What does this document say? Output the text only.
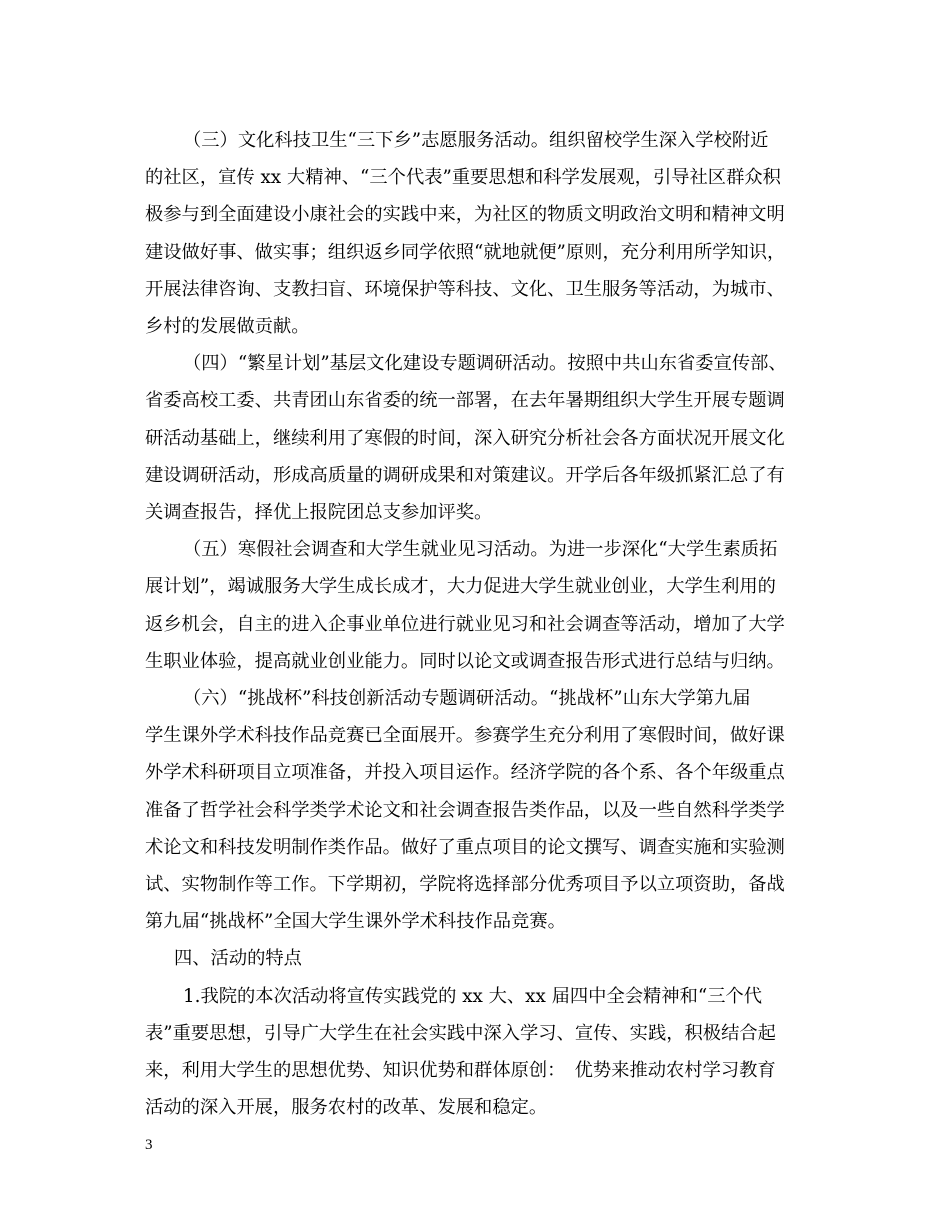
（三）文化科技卫生“三下乡”志愿服务活动。组织留校学生深入学校附近
的社区，宣传 xx 大精神、“三个代表”重要思想和科学发展观，引导社区群众积
极参与到全面建设小康社会的实践中来，为社区的物质文明政治文明和精神文明
建设做好事、做实事；组织返乡同学依照“就地就便”原则，充分利用所学知识，
开展法律咨询、支教扫盲、环境保护等科技、文化、卫生服务等活动，为城市、
乡村的发展做贡献。

（四）“繁星计划”基层文化建设专题调研活动。按照中共山东省委宣传部、
省委高校工委、共青团山东省委的统一部署，在去年暑期组织大学生开展专题调
研活动基础上，继续利用了寒假的时间，深入研究分析社会各方面状况开展文化
建设调研活动，形成高质量的调研成果和对策建议。开学后各年级抓紧汇总了有
关调查报告，择优上报院团总支参加评奖。

（五）寒假社会调查和大学生就业见习活动。为进一步深化“大学生素质拓
展计划”，竭诚服务大学生成长成才，大力促进大学生就业创业，大学生利用的
返乡机会，自主的进入企事业单位进行就业见习和社会调查等活动，增加了大学
生职业体验，提高就业创业能力。同时以论文或调查报告形式进行总结与归纳。

（六）“挑战杯”科技创新活动专题调研活动。“挑战杯”山东大学第九届
学生课外学术科技作品竞赛已全面展开。参赛学生充分利用了寒假时间，做好课
外学术科研项目立项准备，并投入项目运作。经济学院的各个系、各个年级重点
准备了哲学社会科学类学术论文和社会调查报告类作品，以及一些自然科学类学
术论文和科技发明制作类作品。做好了重点项目的论文撰写、调查实施和实验测
试、实物制作等工作。下学期初，学院将选择部分优秀项目予以立项资助，备战
第九届“挑战杯”全国大学生课外学术科技作品竞赛。

四、活动的特点

1.我院的本次活动将宣传实践党的 xx 大、xx 届四中全会精神和“三个代
表”重要思想，引导广大学生在社会实践中深入学习、宣传、实践，积极结合起
来，利用大学生的思想优势、知识优势和群体原创：　优势来推动农村学习教育
活动的深入开展，服务农村的改革、发展和稳定。

3
